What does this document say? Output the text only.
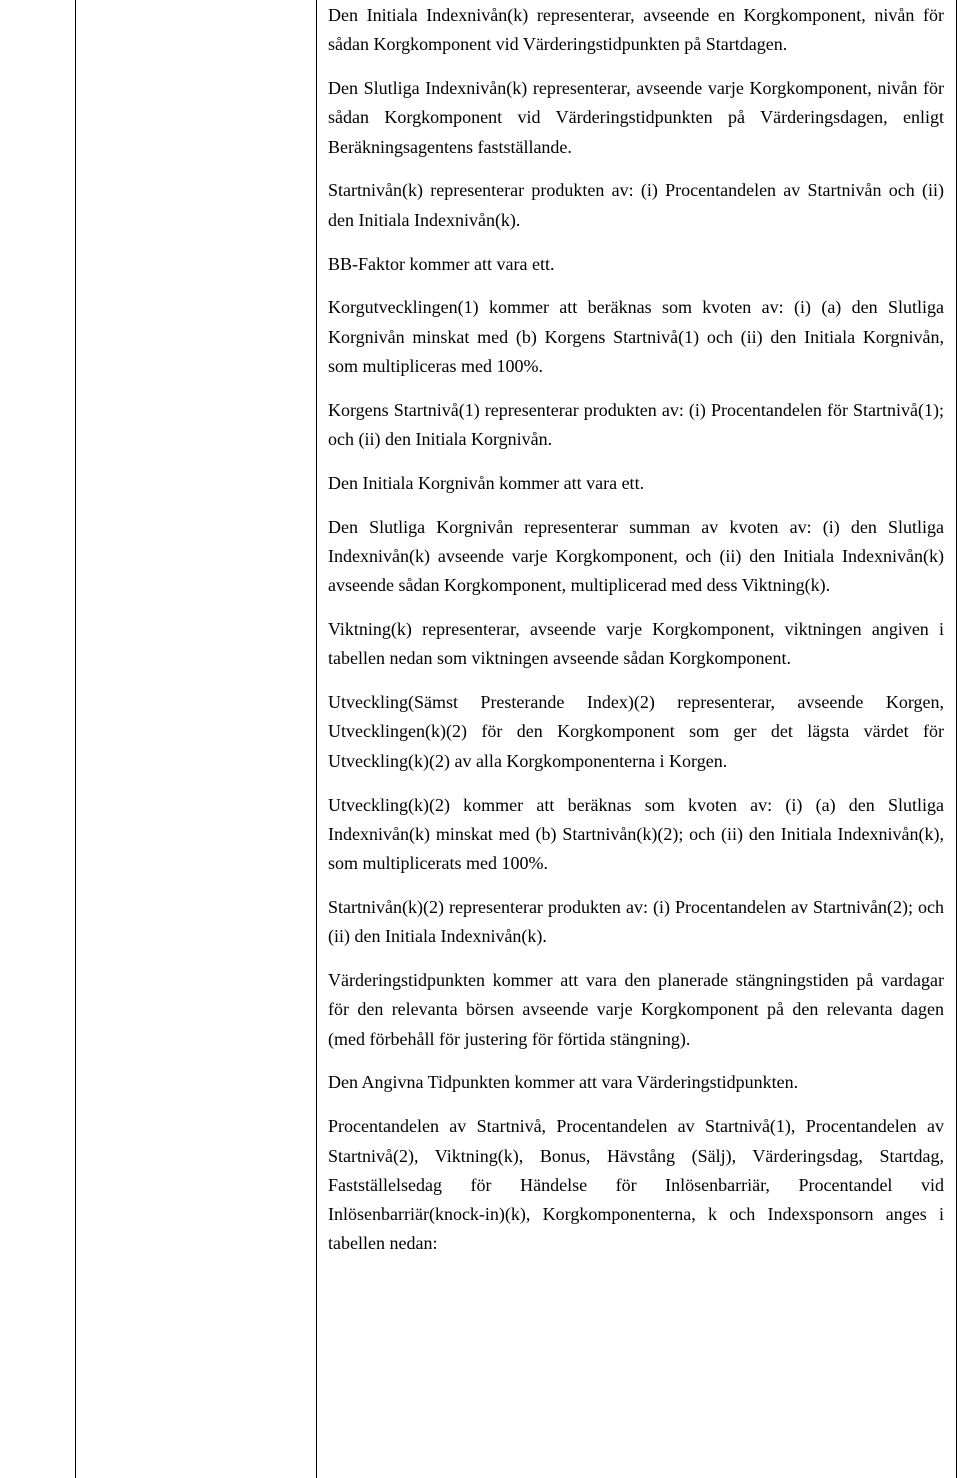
Den Initiala Indexnivån(k) representerar, avseende en Korgkomponent, nivån för sådan Korgkomponent vid Värderingstidpunkten på Startdagen.

Den Slutliga Indexnivån(k) representerar, avseende varje Korgkomponent, nivån för sådan Korgkomponent vid Värderingstidpunkten på Värderingsdagen, enligt Beräkningsagentens fastställande.

Startnivån(k) representerar produkten av: (i) Procentandelen av Startnivån och (ii) den Initiala Indexnivån(k).

BB-Faktor kommer att vara ett.

Korgutvecklingen(1) kommer att beräknas som kvoten av: (i) (a) den Slutliga Korgnivån minskat med (b) Korgens Startnivå(1) och (ii) den Initiala Korgnivån, som multipliceras med 100%.

Korgens Startnivå(1) representerar produkten av: (i) Procentandelen för Startnivå(1); och (ii) den Initiala Korgnivån.

Den Initiala Korgnivån kommer att vara ett.

Den Slutliga Korgnivån representerar summan av kvoten av: (i) den Slutliga Indexnivån(k) avseende varje Korgkomponent, och (ii) den Initiala Indexnivån(k) avseende sådan Korgkomponent, multiplicerad med dess Viktning(k).

Viktning(k) representerar, avseende varje Korgkomponent, viktningen angiven i tabellen nedan som viktningen avseende sådan Korgkomponent.

Utveckling(Sämst Presterande Index)(2) representerar, avseende Korgen, Utvecklingen(k)(2) för den Korgkomponent som ger det lägsta värdet för Utveckling(k)(2) av alla Korgkomponenterna i Korgen.

Utveckling(k)(2) kommer att beräknas som kvoten av: (i) (a) den Slutliga Indexnivån(k) minskat med (b) Startnivån(k)(2); och (ii) den Initiala Indexnivån(k), som multiplicerats med 100%.

Startnivån(k)(2) representerar produkten av: (i) Procentandelen av Startnivån(2); och (ii) den Initiala Indexnivån(k).

Värderingstidpunkten kommer att vara den planerade stängningstiden på vardagar för den relevanta börsen avseende varje Korgkomponent på den relevanta dagen (med förbehåll för justering för förtida stängning).

Den Angivna Tidpunkten kommer att vara Värderingstidpunkten.

Procentandelen av Startnivå, Procentandelen av Startnivå(1), Procentandelen av Startnivå(2), Viktning(k), Bonus, Hävstång (Sälj), Värderingsdag, Startdag, Fastställelsedag för Händelse för Inlösenbarriär, Procentandel vid Inlösenbarriär(knock-in)(k), Korgkomponenterna, k och Indexsponsorn anges i tabellen nedan:
